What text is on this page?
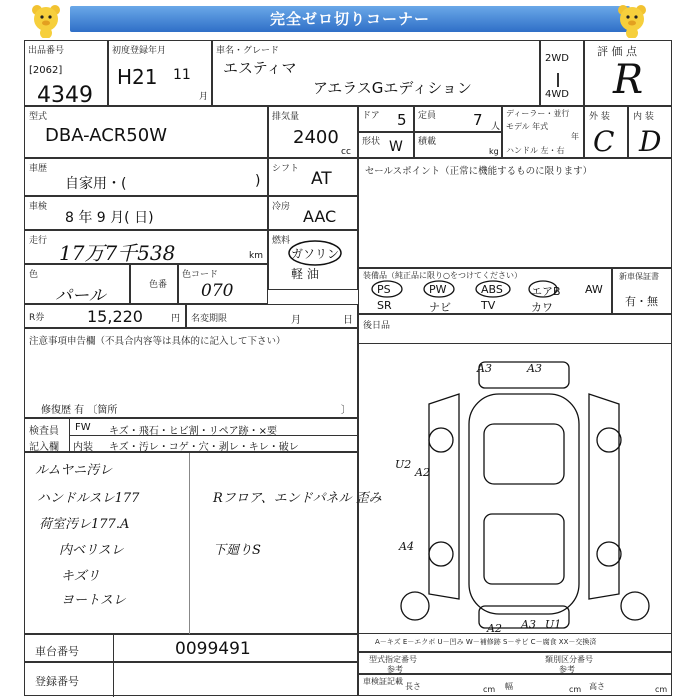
完全ゼロ切りコーナー
出品番号
[2062]
4349
初度登録年月
H21 11
月
車名・グレード
エスティマ
アエラスGエディション
2WD
4WD
評 価 点
R
型式
DBA-ACR50W
排気量
2400
cc
ドア 5 定員 7 人
形状 W 積載
kg
ディーラー・並行
モデル 年式
年
ハンドル 左・右
外 装
C
内 装
D
車歴
自家用・(	)
シフト AT
車検
8 年 9 月( 日)
冷房 AAC
走行 17万7千538	km
燃料
ガソリン
軽 油
色
パール
色番
色コード
070
R券	15,220	円 名変期限	月	日
セールスポイント（正常に機能するものに限ります）
装備品（純正品に限り○をつけてください）
PS	PW	ABS	エアB AW
SR	ナビ	TV	カワ
新車保証書
有・無
後日品
注意事項申告欄（不具合内容等は具体的に記入して下さい）
修復歴 有 〔箇所	〕
検査員
記入欄
FW キズ・飛石・ヒビ割・リペア跡・×要
内装 キズ・汚レ・コゲ・穴・剥レ・キレ・破レ
ルムヤニ汚レ
ハンドルスレ177
荷室汚レ177.A
内ベリスレ
キズリ
ヨートスレ
Rフロア、エンドパネル 歪み
下廻りS
A3	A3
U2
A2
A4
A2 A3 U1
A－キズ E－エクボ U－凹み W－補修跡 S－サビ C－腐食 XX－交換済
車台番号	0099491
登録番号
型式指定番号
参考
類別区分番号
参考
車検証記載
長さ	cm 幅	cm 高さ	cm
